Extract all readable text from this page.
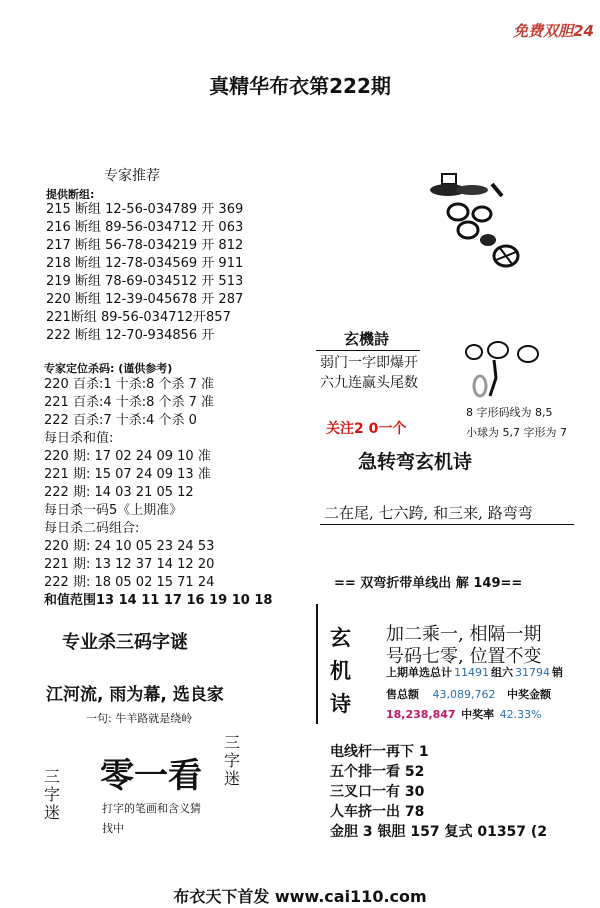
免费双胆24
真精华布衣第222期
专家推荐
提供断组:
215 断组 12-56-034789 开 369
216 断组 89-56-034712 开 063
217 断组 56-78-034219 开 812
218 断组 12-78-034569 开 911
219 断组 78-69-034512 开 513
220 断组 12-39-045678 开 287
221断组 89-56-034712开857
222 断组 12-70-934856 开
专家定位杀码: (谨供参考)
220 百杀:1 十杀:8 个杀 7 准
221 百杀:4 十杀:8 个杀 7 准
222 百杀:7 十杀:4 个杀 0
每日杀和值:
220 期: 17 02 24 09 10 准
221 期: 15 07 24 09 13 准
222 期: 14 03 21 05 12
每日杀一码5《上期准》
每日杀二码组合:
220 期: 24 10 05 23 24 53
221 期: 13 12 37 14 12 20
222 期: 18 05 02 15 71 24
和值范围13 14 11 17 16 19 10 18
专业杀三码字谜
江河流, 雨为幕, 选良家
一句: 牛羊路就是绕岭
三字迷
三字迷
零一看
打字的笔画和含义猜
找中
玄機詩
弱门一字即爆开
六九连赢头尾数
关注2 0一个
8 字形码线为 8,5
小球为 5,7 字形为 7
急转弯玄机诗
二在尾, 七六跨, 和三来, 路弯弯
== 双弯折带单线出 解 149==
玄
机
诗
加二乘一, 相隔一期
号码七零, 位置不变
上期单选总计 11491 组六 31794 销
售总额 43,089,762 中奖金额
18,238,847 中奖率 42.33%
电线杆一再下 1
五个排一看 52
三叉口一有 30
人车挤一出 78
金胆 3 银胆 157 复式 01357 (2
布衣天下首发 www.cai110.com
